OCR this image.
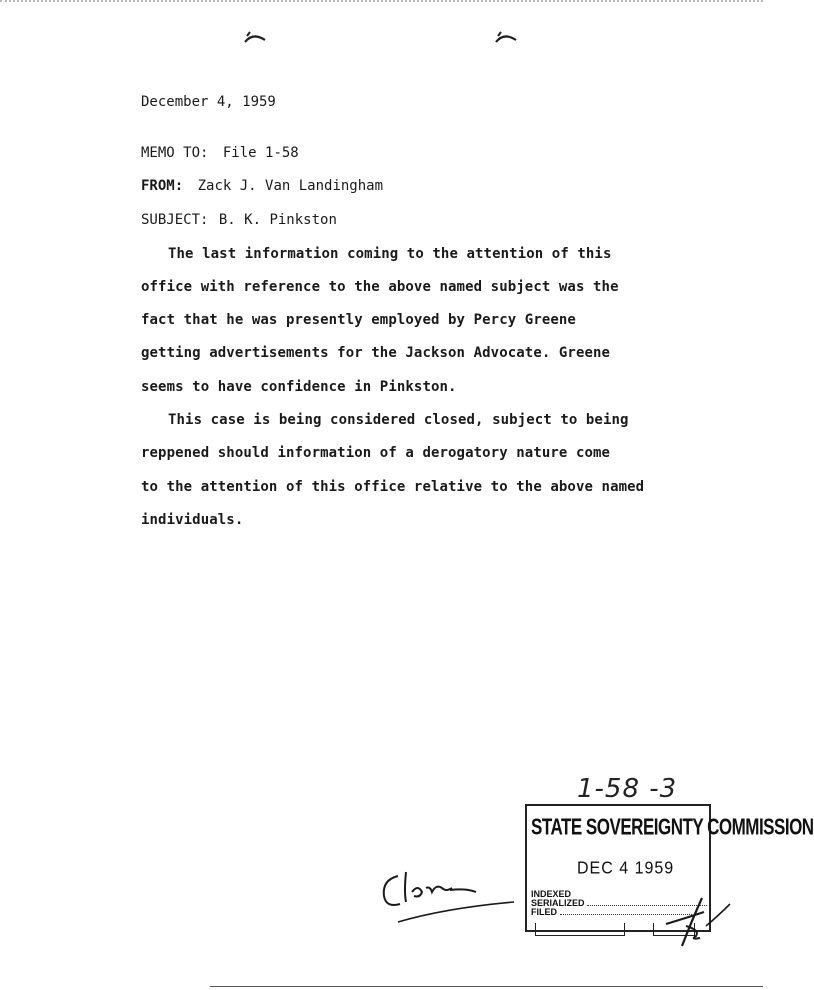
December 4, 1959
MEMO TO: File 1-58
FROM: Zack J. Van Landingham
SUBJECT: B. K. Pinkston
The last information coming to the attention of this
office with reference to the above named subject was the
fact that he was presently employed by Percy Greene
getting advertisements for the Jackson Advocate. Greene
seems to have confidence in Pinkston.
This case is being considered closed, subject to being
reppened should information of a derogatory nature come
to the attention of this office relative to the above named
individuals.
1-58 -3
STATE SOVEREIGNTY COMMISSION
DEC 4 1959
INDEXED
SERIALIZED
FILED
